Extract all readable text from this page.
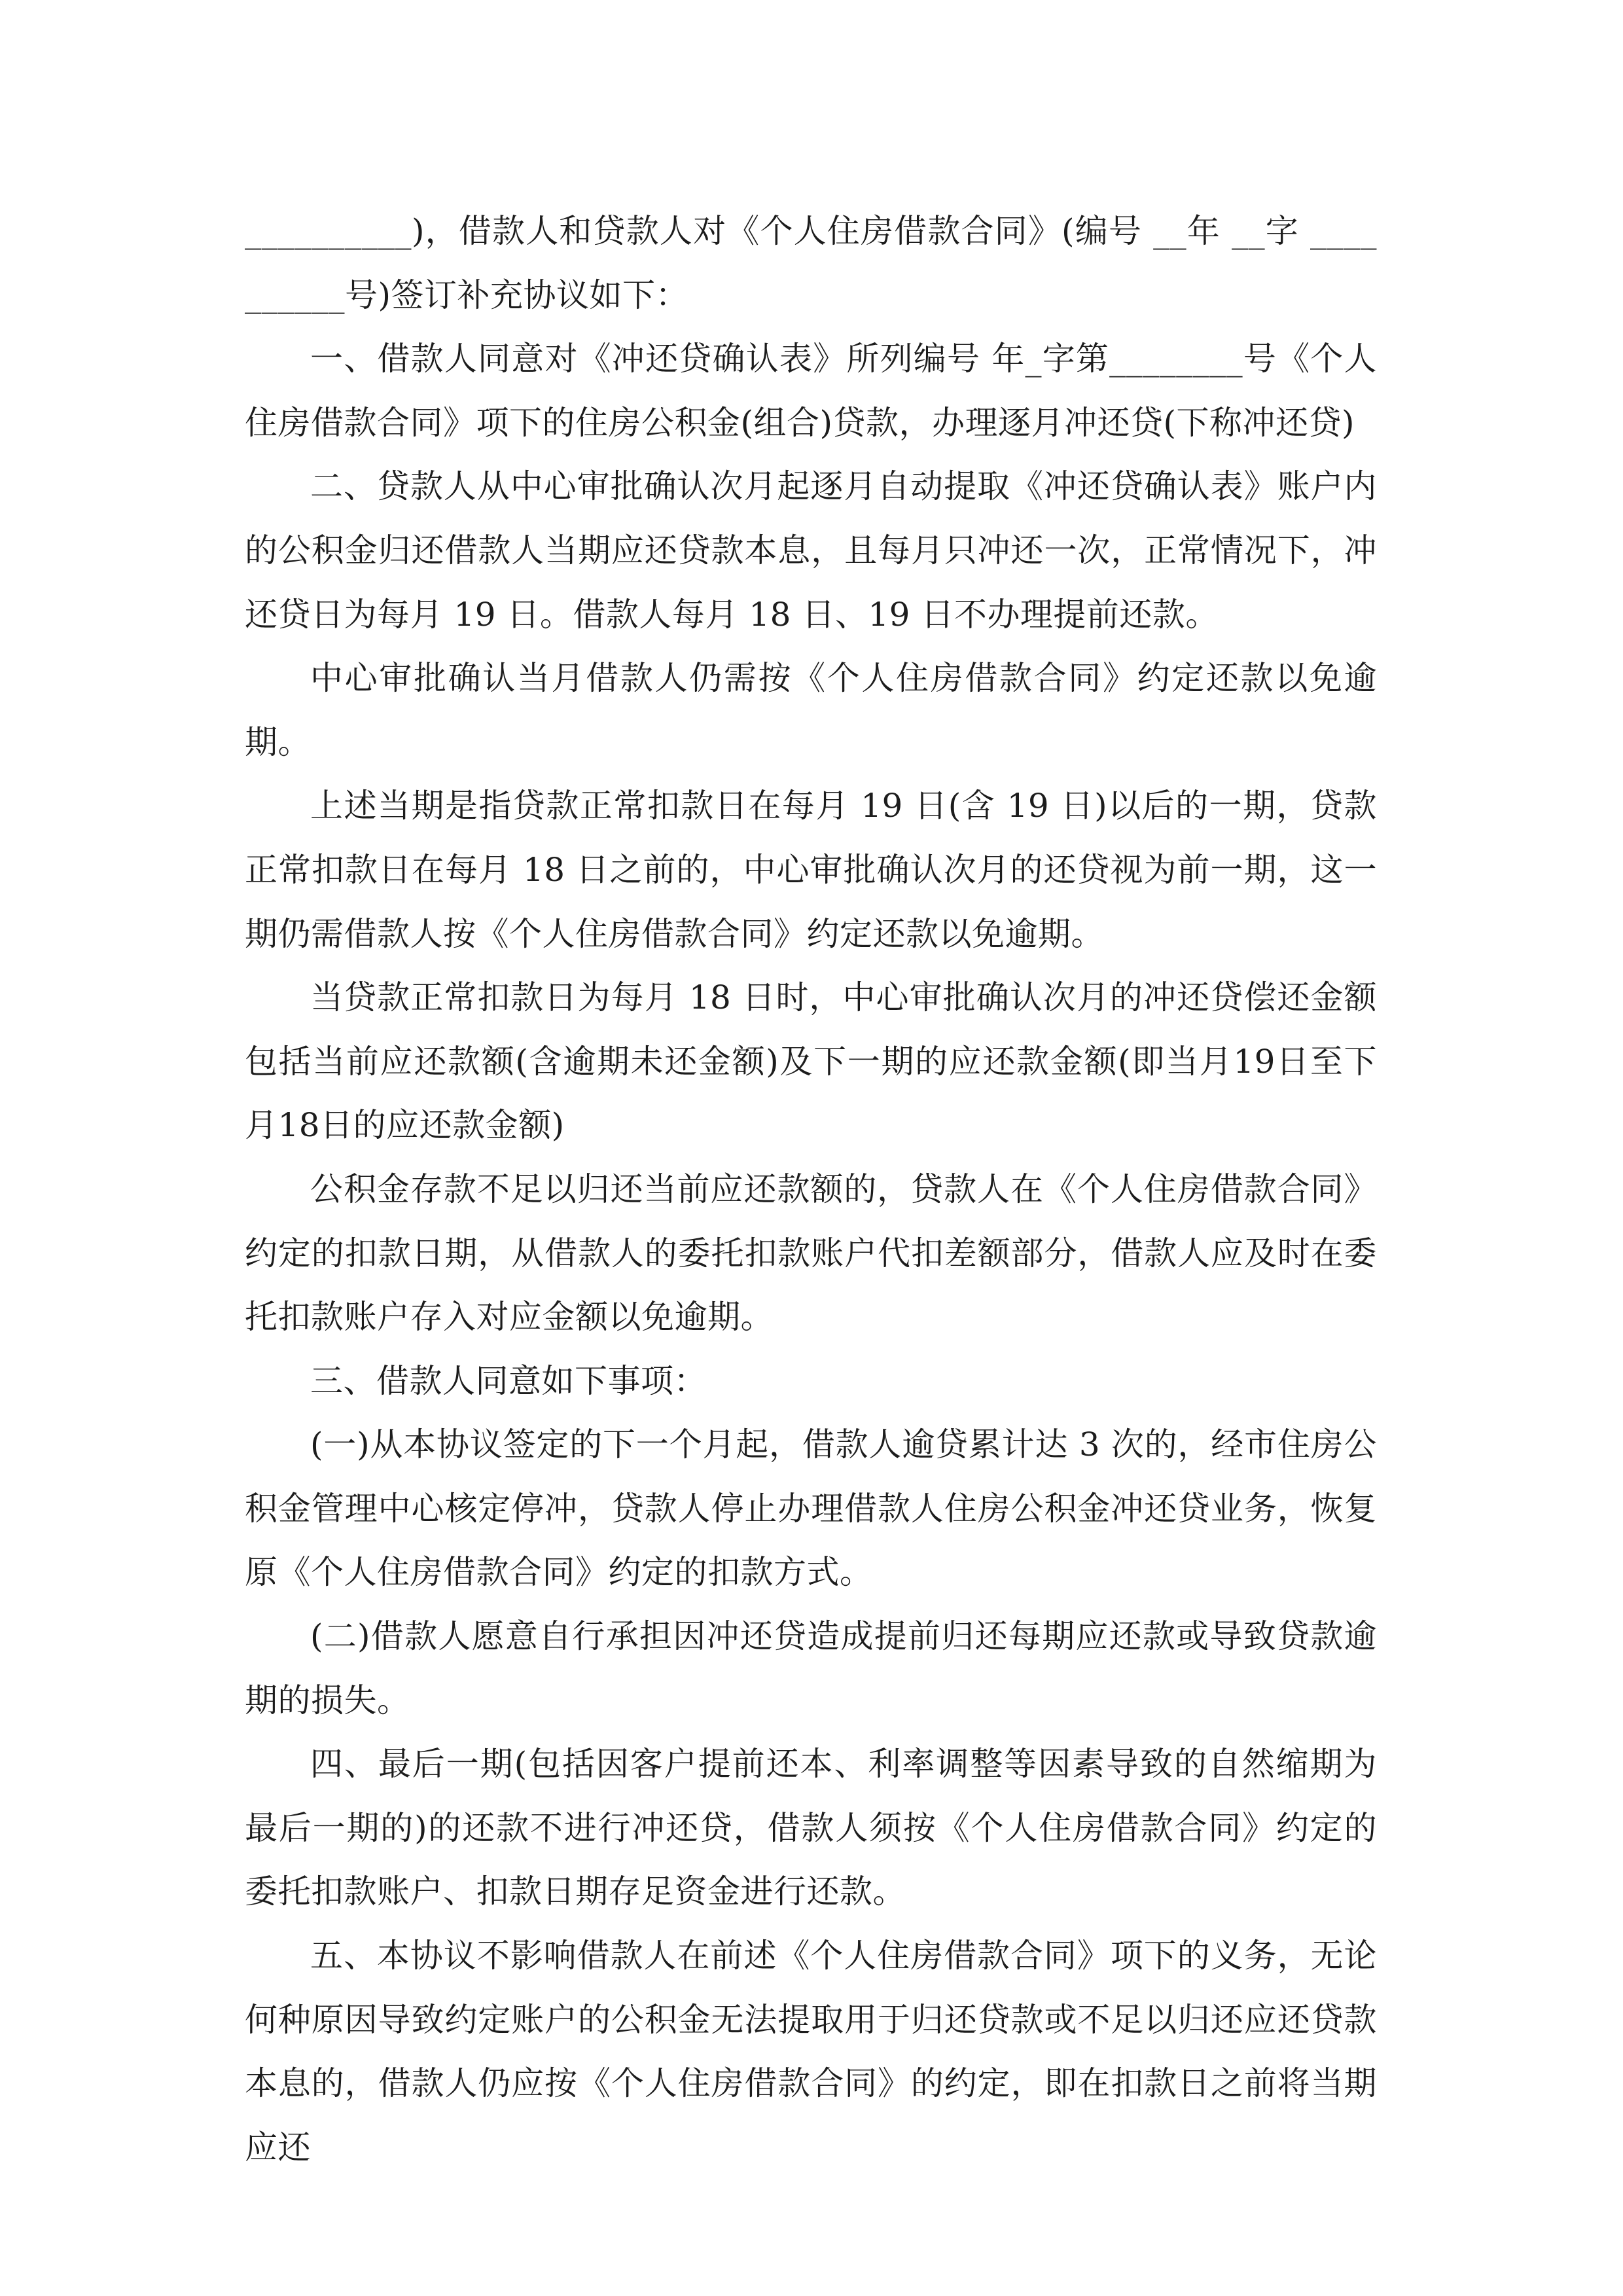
__________)，借款人和贷款人对《个人住房借款合同》(编号 __年 __字 __________号)签订补充协议如下：

一、借款人同意对《冲还贷确认表》所列编号 年_字第________号《个人住房借款合同》项下的住房公积金(组合)贷款，办理逐月冲还贷(下称冲还贷)

二、贷款人从中心审批确认次月起逐月自动提取《冲还贷确认表》账户内的公积金归还借款人当期应还贷款本息，且每月只冲还一次，正常情况下，冲还贷日为每月 19 日。借款人每月 18 日、19 日不办理提前还款。

中心审批确认当月借款人仍需按《个人住房借款合同》约定还款以免逾期。

上述当期是指贷款正常扣款日在每月 19 日(含 19 日)以后的一期，贷款正常扣款日在每月 18 日之前的，中心审批确认次月的还贷视为前一期，这一期仍需借款人按《个人住房借款合同》约定还款以免逾期。

当贷款正常扣款日为每月 18 日时，中心审批确认次月的冲还贷偿还金额包括当前应还款额(含逾期未还金额)及下一期的应还款金额(即当月19日至下月18日的应还款金额)

公积金存款不足以归还当前应还款额的，贷款人在《个人住房借款合同》约定的扣款日期，从借款人的委托扣款账户代扣差额部分，借款人应及时在委托扣款账户存入对应金额以免逾期。

三、借款人同意如下事项：

(一)从本协议签定的下一个月起，借款人逾贷累计达 3 次的，经市住房公积金管理中心核定停冲，贷款人停止办理借款人住房公积金冲还贷业务，恢复原《个人住房借款合同》约定的扣款方式。

(二)借款人愿意自行承担因冲还贷造成提前归还每期应还款或导致贷款逾期的损失。

四、最后一期(包括因客户提前还本、利率调整等因素导致的自然缩期为最后一期的)的还款不进行冲还贷，借款人须按《个人住房借款合同》约定的委托扣款账户、扣款日期存足资金进行还款。

五、本协议不影响借款人在前述《个人住房借款合同》项下的义务，无论何种原因导致约定账户的公积金无法提取用于归还贷款或不足以归还应还贷款本息的，借款人仍应按《个人住房借款合同》的约定，即在扣款日之前将当期应还
